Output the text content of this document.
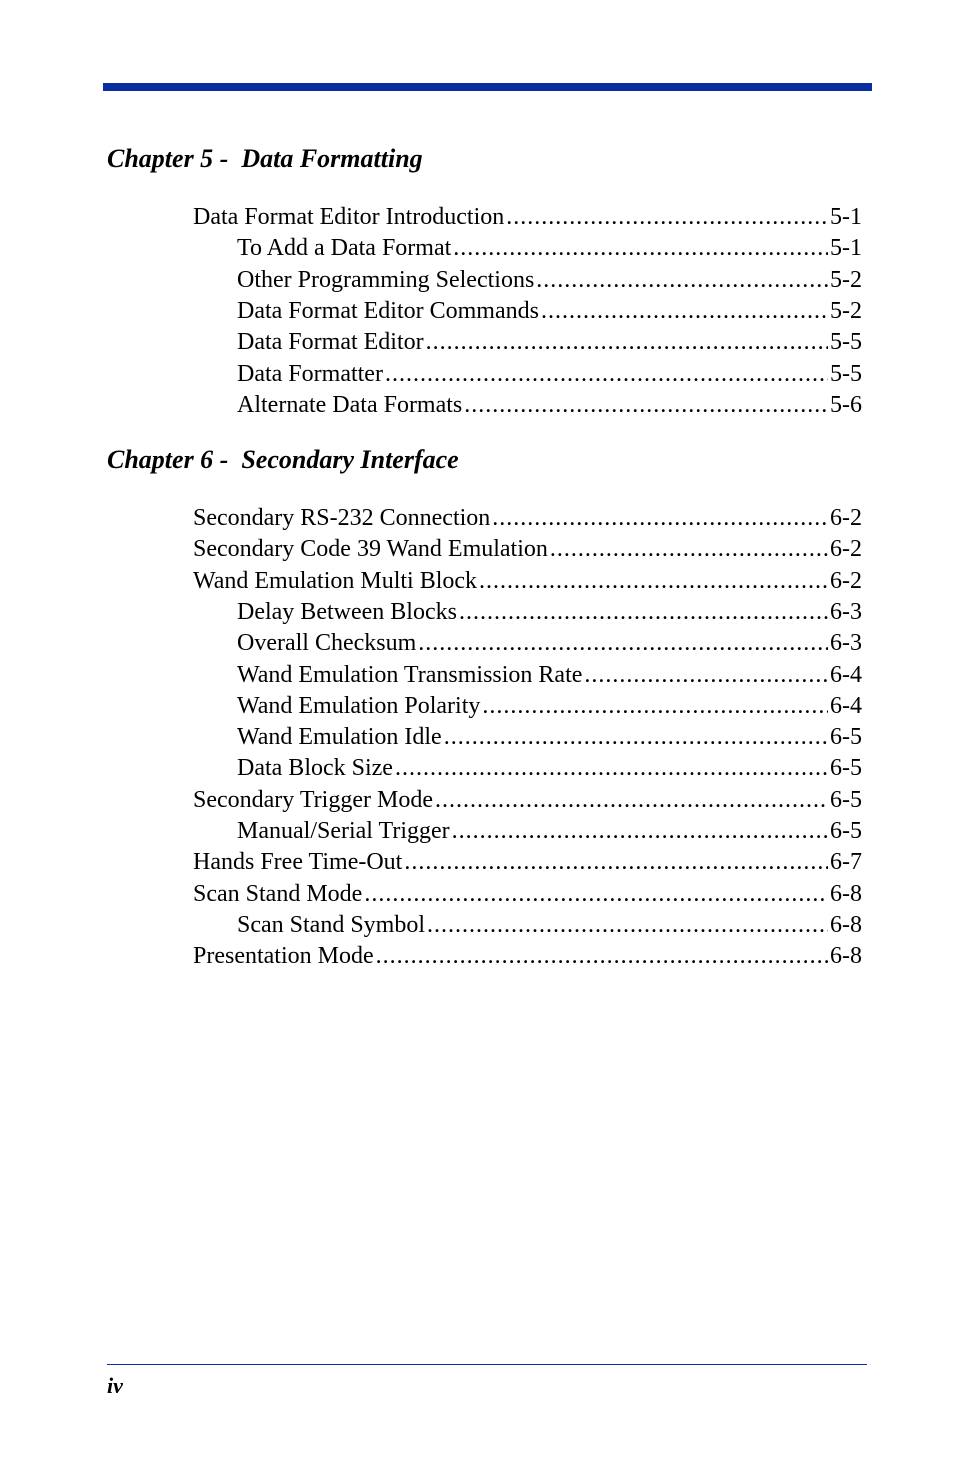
Chapter 5 -  Data Formatting
Data Format Editor Introduction .....	5-1
To Add a Data Format .....	5-1
Other Programming Selections .....	5-2
Data Format Editor Commands .....	5-2
Data Format Editor .....	5-5
Data Formatter .....	5-5
Alternate Data Formats .....	5-6
Chapter 6 -  Secondary Interface
Secondary RS-232 Connection .....	6-2
Secondary Code 39 Wand Emulation .....	6-2
Wand Emulation Multi Block .....	6-2
Delay Between Blocks .....	6-3
Overall Checksum .....	6-3
Wand Emulation Transmission Rate .....	6-4
Wand Emulation Polarity .....	6-4
Wand Emulation Idle .....	6-5
Data Block Size .....	6-5
Secondary Trigger Mode .....	6-5
Manual/Serial Trigger .....	6-5
Hands Free Time-Out .....	6-7
Scan Stand Mode .....	6-8
Scan Stand Symbol .....	6-8
Presentation Mode .....	6-8
iv
